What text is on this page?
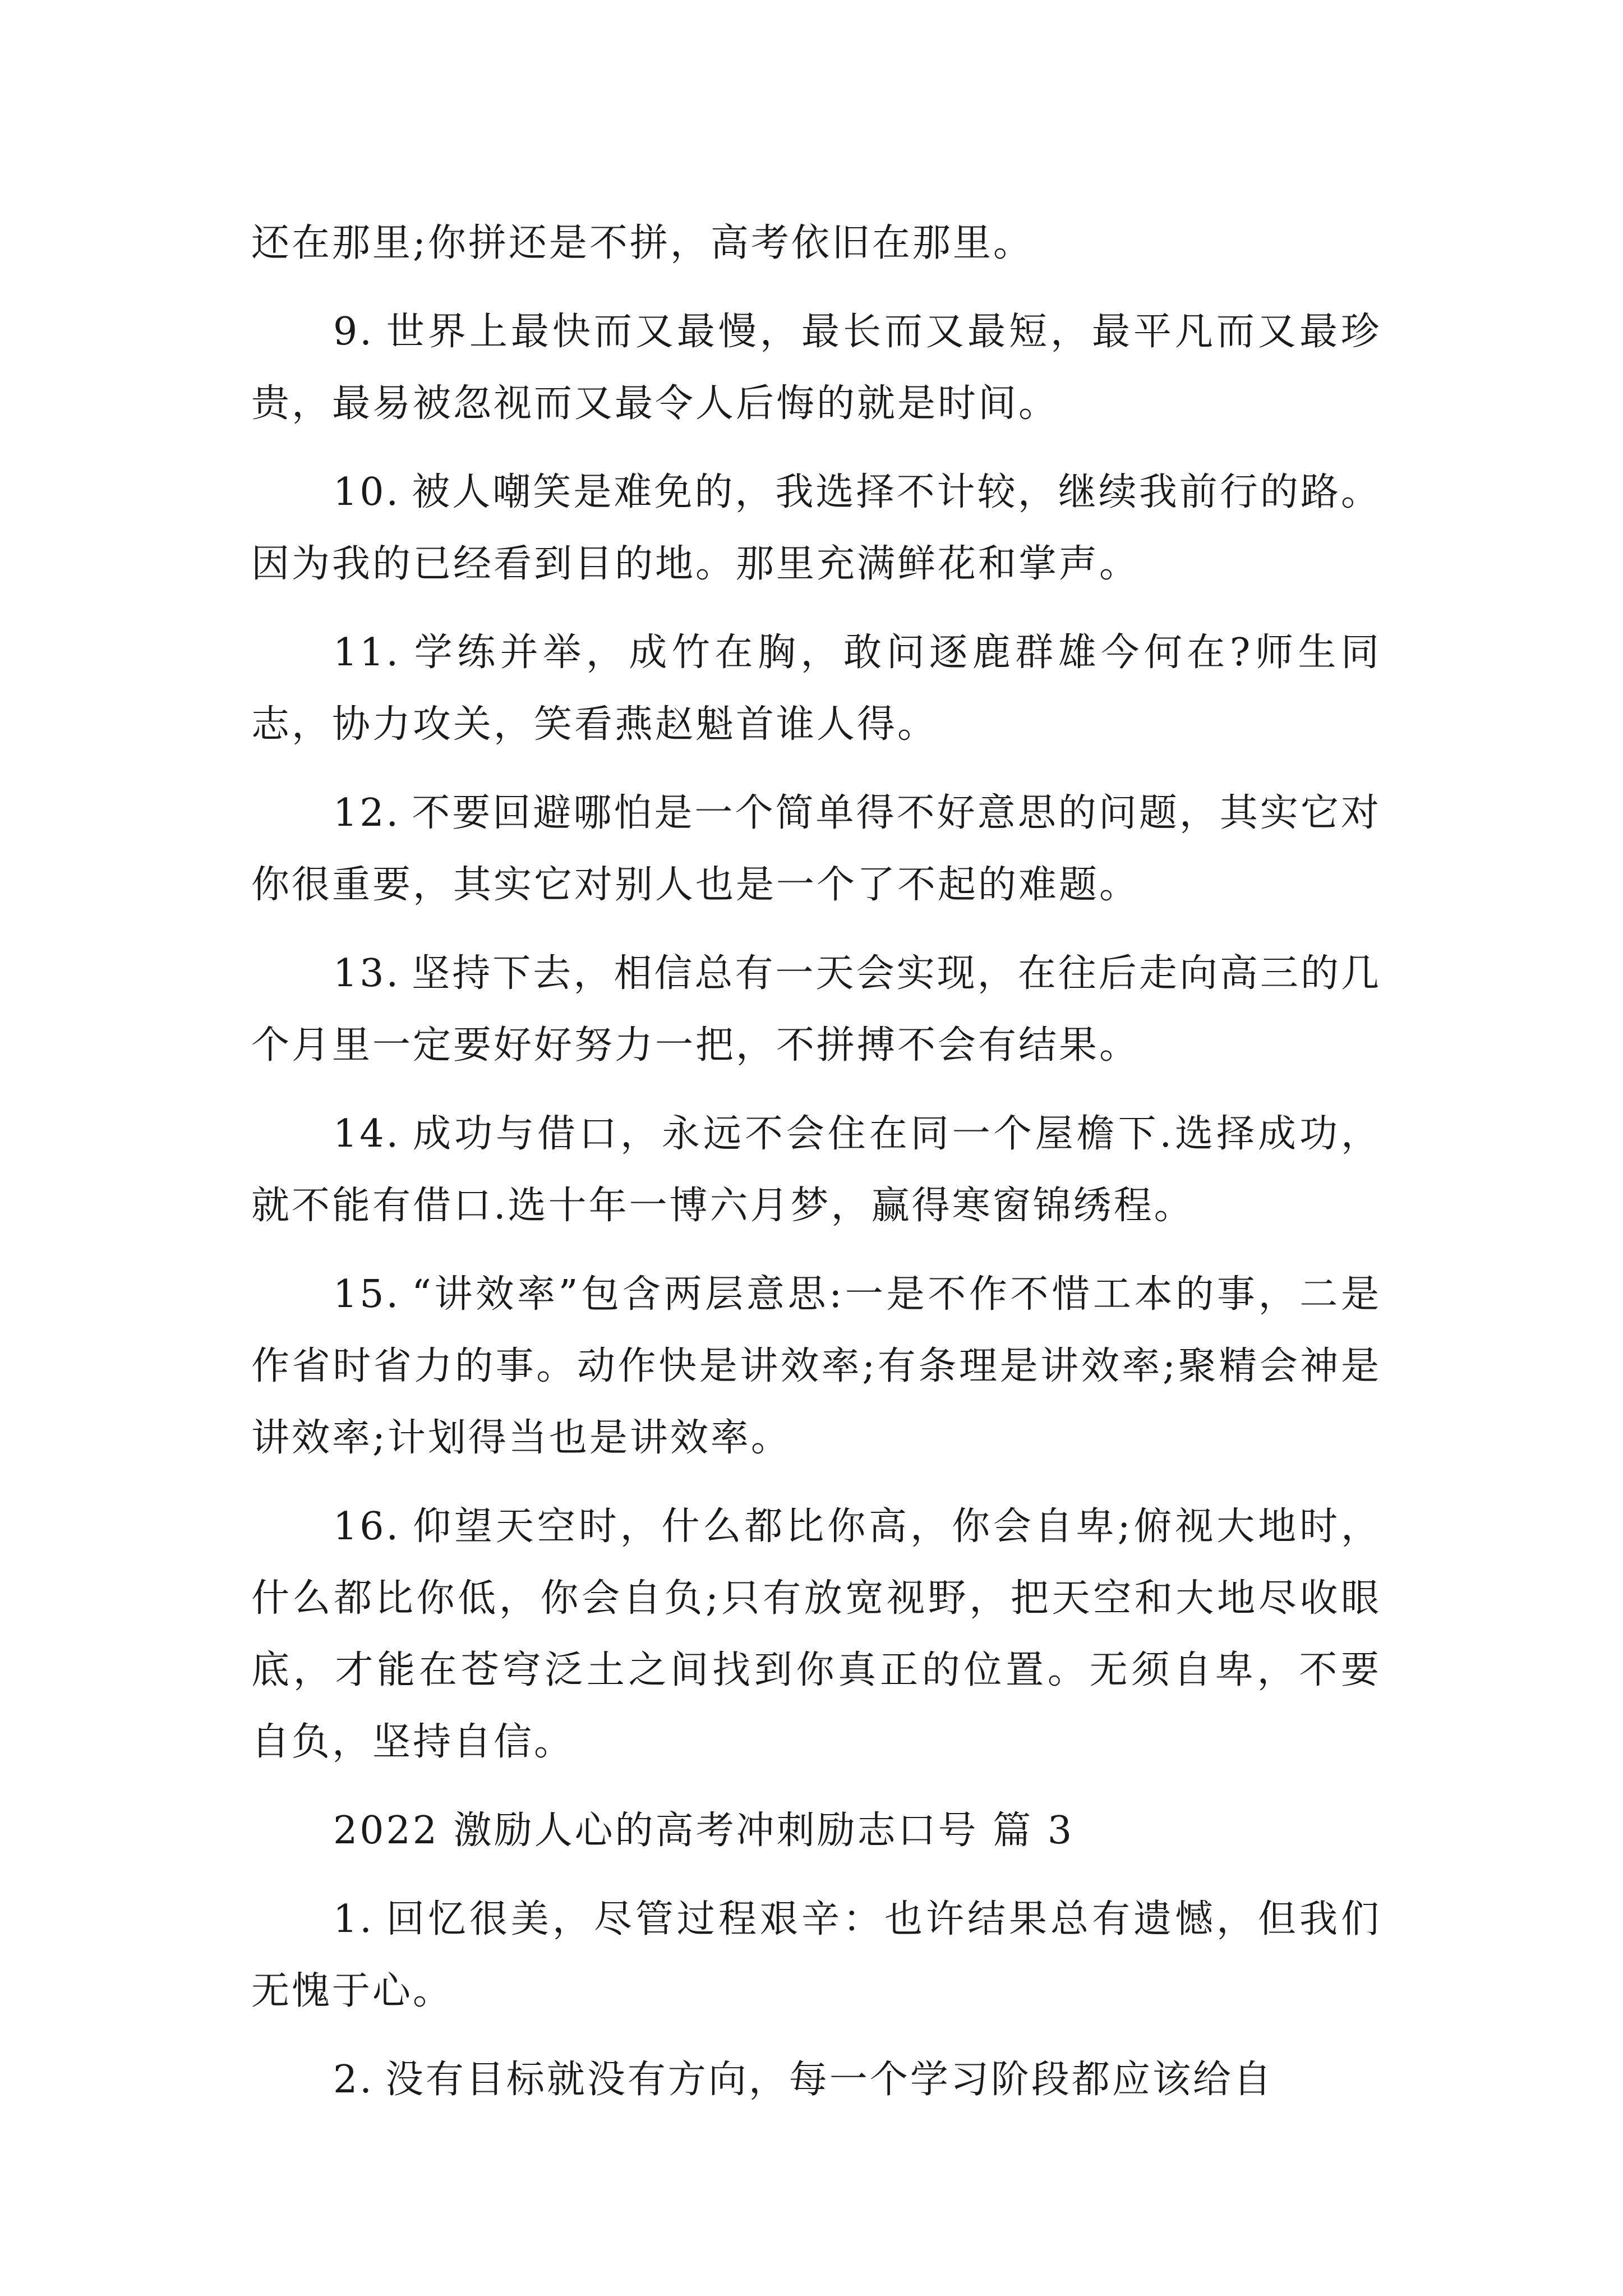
还在那里;你拼还是不拼，高考依旧在那里。

9. 世界上最快而又最慢，最长而又最短，最平凡而又最珍贵，最易被忽视而又最令人后悔的就是时间。

10. 被人嘲笑是难免的，我选择不计较，继续我前行的路。因为我的已经看到目的地。那里充满鲜花和掌声。

11. 学练并举，成竹在胸，敢问逐鹿群雄今何在?师生同志，协力攻关，笑看燕赵魁首谁人得。

12. 不要回避哪怕是一个简单得不好意思的问题，其实它对你很重要，其实它对别人也是一个了不起的难题。

13. 坚持下去，相信总有一天会实现，在往后走向高三的几个月里一定要好好努力一把，不拼搏不会有结果。

14. 成功与借口，永远不会住在同一个屋檐下.选择成功，就不能有借口.选十年一博六月梦，赢得寒窗锦绣程。

15. “讲效率”包含两层意思:一是不作不惜工本的事，二是作省时省力的事。动作快是讲效率;有条理是讲效率;聚精会神是讲效率;计划得当也是讲效率。

16. 仰望天空时，什么都比你高，你会自卑;俯视大地时，什么都比你低，你会自负;只有放宽视野，把天空和大地尽收眼底，才能在苍穹泛土之间找到你真正的位置。无须自卑，不要自负，坚持自信。

2022 激励人心的高考冲刺励志口号 篇 3

1. 回忆很美，尽管过程艰辛：也许结果总有遗憾，但我们无愧于心。

2. 没有目标就没有方向，每一个学习阶段都应该给自
